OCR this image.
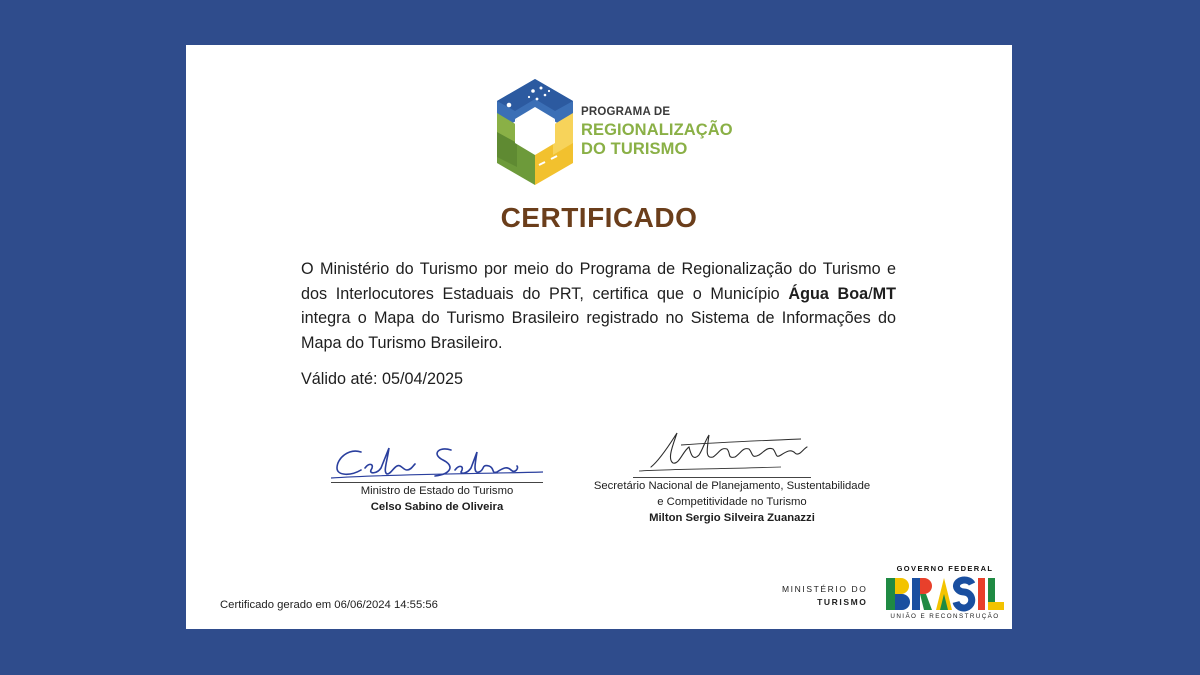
PROGRAMA DE
REGIONALIZAÇÃO
DO TURISMO
CERTIFICADO
O Ministério do Turismo por meio do Programa de Regionalização do Turismo e dos Interlocutores Estaduais do PRT, certifica que o Município Água Boa/MT integra o Mapa do Turismo Brasileiro registrado no Sistema de Informações do Mapa do Turismo Brasileiro.
Válido até: 05/04/2025
Ministro de Estado do Turismo
Celso Sabino de Oliveira
Secretário Nacional de Planejamento, Sustentabilidade
e Competitividade no Turismo
Milton Sergio Silveira Zuanazzi
Certificado gerado em 06/06/2024 14:55:56
MINISTÉRIO DO
TURISMO
GOVERNO FEDERAL
UNIÃO E RECONSTRUÇÃO
